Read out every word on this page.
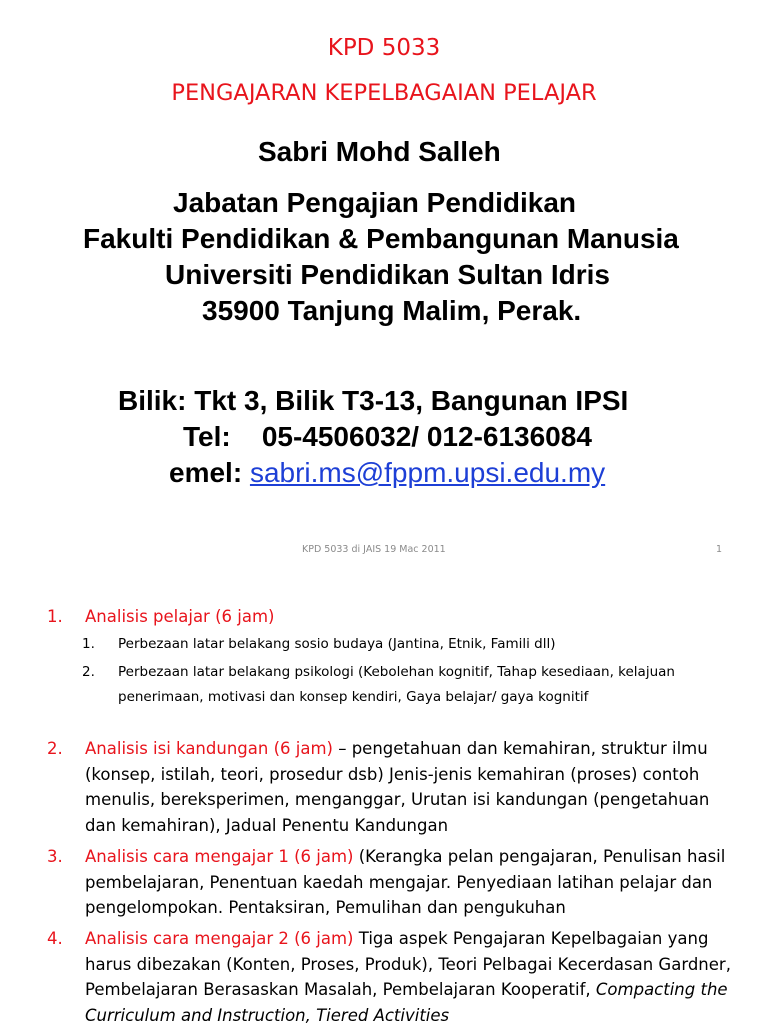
KPD 5033
PENGAJARAN KEPELBAGAIAN PELAJAR
Sabri Mohd Salleh
Jabatan Pengajian Pendidikan
Fakulti Pendidikan & Pembangunan Manusia
Universiti Pendidikan Sultan Idris
35900 Tanjung Malim, Perak.
Bilik: Tkt 3, Bilik T3-13, Bangunan IPSI
Tel:    05-4506032/ 012-6136084
emel: sabri.ms@fppm.upsi.edu.my
KPD 5033 di JAIS 19 Mac 2011	1
1. Analisis pelajar (6 jam)
1. Perbezaan latar belakang sosio budaya (Jantina, Etnik, Famili dll)
2. Perbezaan latar belakang psikologi (Kebolehan kognitif, Tahap kesediaan, kelajuan penerimaan, motivasi dan konsep kendiri, Gaya belajar/ gaya kognitif
2. Analisis isi kandungan (6 jam) – pengetahuan dan kemahiran, struktur ilmu (konsep, istilah, teori, prosedur dsb) Jenis-jenis kemahiran (proses) contoh menulis, bereksperimen, menganggar, Urutan isi kandungan (pengetahuan dan kemahiran), Jadual Penentu Kandungan
3. Analisis cara mengajar 1 (6 jam) (Kerangka pelan pengajaran, Penulisan hasil pembelajaran, Penentuan kaedah mengajar. Penyediaan latihan pelajar dan pengelompokan. Pentaksiran, Pemulihan dan pengukuhan
4. Analisis cara mengajar 2 (6 jam) Tiga aspek Pengajaran Kepelbagaian yang harus dibezakan (Konten, Proses, Produk), Teori Pelbagai Kecerdasan Gardner, Pembelajaran Berasaskan Masalah, Pembelajaran Kooperatif, Compacting the Curriculum and Instruction, Tiered Activities
